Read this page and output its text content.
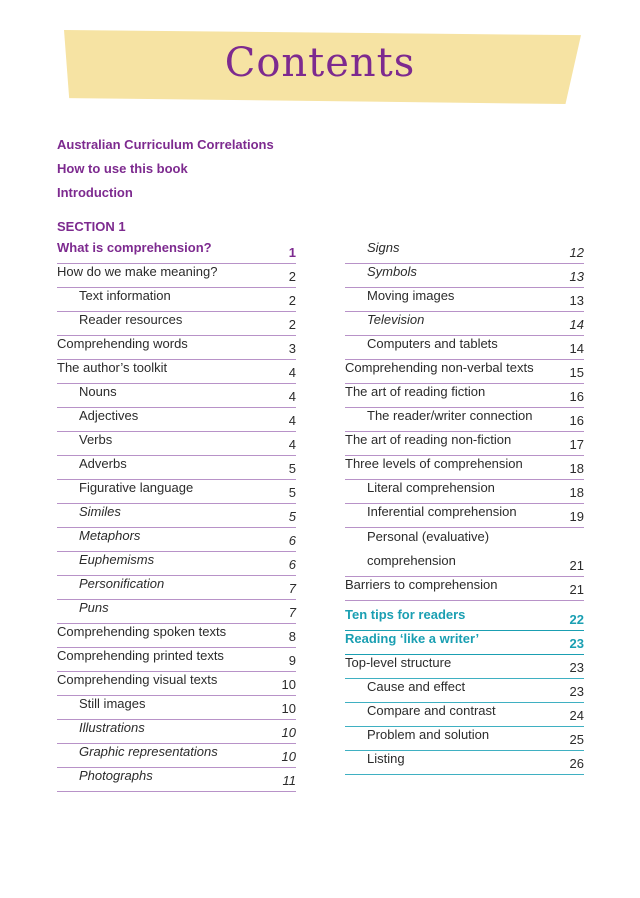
Contents
Australian Curriculum Correlations
How to use this book
Introduction
SECTION 1
What is comprehension?	1
How do we make meaning?	2
Text information	2
Reader resources	2
Comprehending words	3
The author’s toolkit	4
Nouns	4
Adjectives	4
Verbs	4
Adverbs	5
Figurative language	5
Similes	5
Metaphors	6
Euphemisms	6
Personification	7
Puns	7
Comprehending spoken texts	8
Comprehending printed texts	9
Comprehending visual texts	10
Still images	10
Illustrations	10
Graphic representations	10
Photographs	11
Signs	12
Symbols	13
Moving images	13
Television	14
Computers and tablets	14
Comprehending non-verbal texts	15
The art of reading fiction	16
The reader/writer connection	16
The art of reading non-fiction	17
Three levels of comprehension	18
Literal comprehension	18
Inferential comprehension	19
Personal (evaluative) comprehension	21
Barriers to comprehension	21
Ten tips for readers	22
Reading ‘like a writer’	23
Top-level structure	23
Cause and effect	23
Compare and contrast	24
Problem and solution	25
Listing	26
